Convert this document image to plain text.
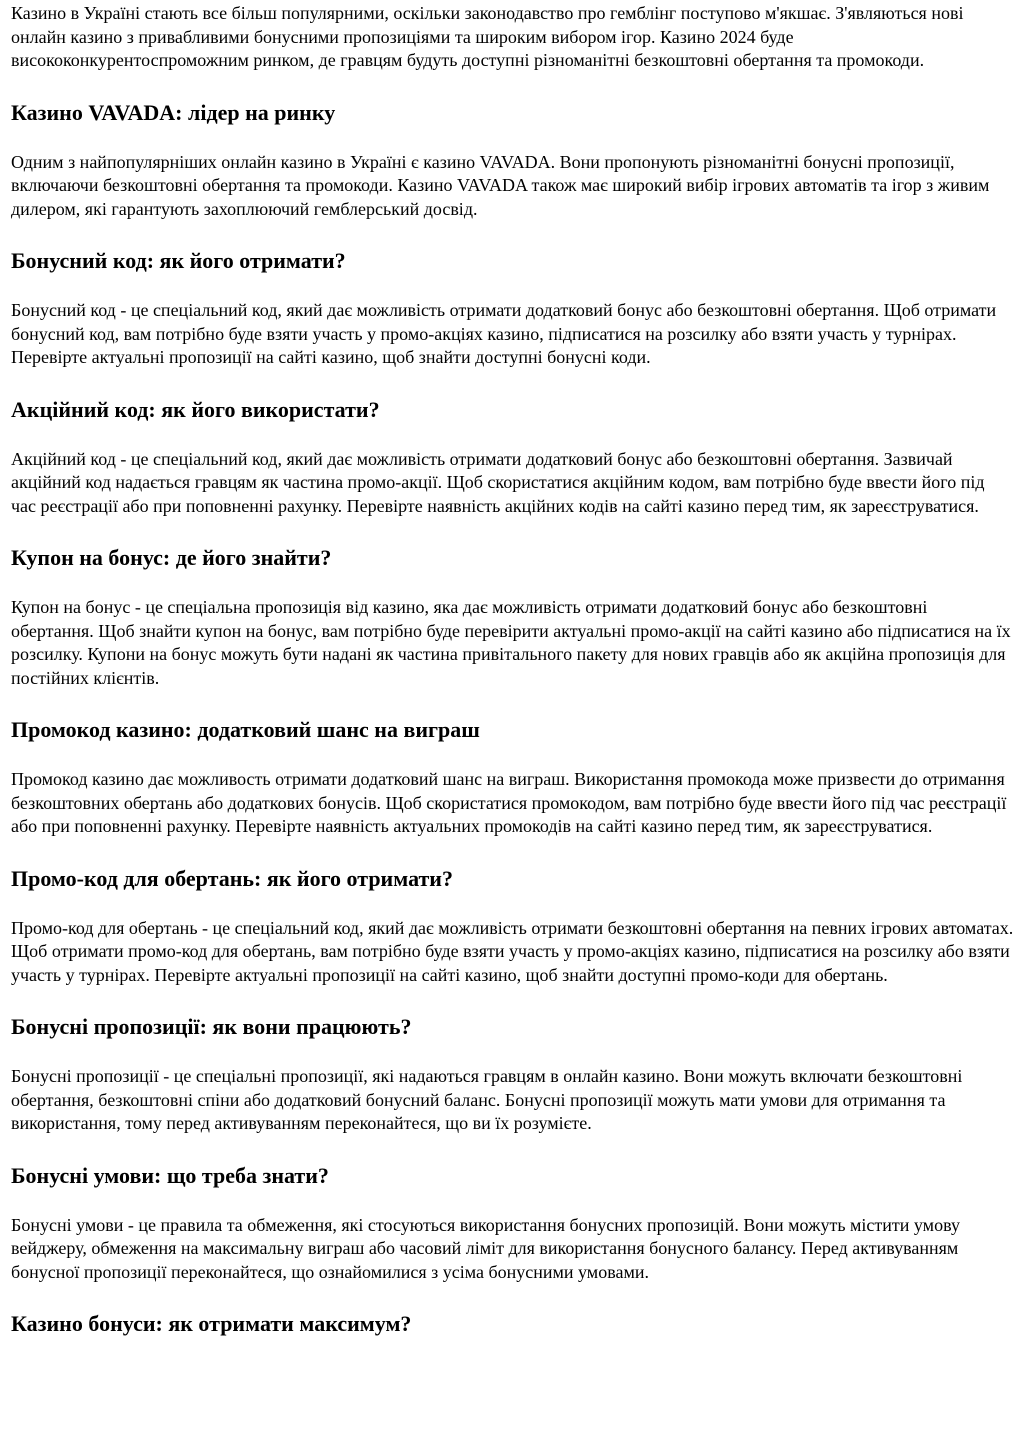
Казино в Україні стають все більш популярними, оскільки законодавство про гемблінг поступово м'якшає. З'являються нові онлайн казино з привабливими бонусними пропозиціями та широким вибором ігор. Казино 2024 буде висококонкурентоспроможним ринком, де гравцям будуть доступні різноманітні безкоштовні обертання та промокоди.

Казино VAVADA: лідер на ринку

Одним з найпопулярніших онлайн казино в Україні є казино VAVADA. Вони пропонують різноманітні бонусні пропозиції, включаючи безкоштовні обертання та промокоди. Казино VAVADA також має широкий вибір ігрових автоматів та ігор з живим дилером, які гарантують захоплюючий гемблерський досвід.

Бонусний код: як його отримати?

Бонусний код - це спеціальний код, який дає можливість отримати додатковий бонус або безкоштовні обертання. Щоб отримати бонусний код, вам потрібно буде взяти участь у промо-акціях казино, підписатися на розсилку або взяти участь у турнірах. Перевірте актуальні пропозиції на сайті казино, щоб знайти доступні бонусні коди.

Акційний код: як його використати?

Акційний код - це спеціальний код, який дає можливість отримати додатковий бонус або безкоштовні обертання. Зазвичай акційний код надається гравцям як частина промо-акції. Щоб скористатися акційним кодом, вам потрібно буде ввести його під час реєстрації або при поповненні рахунку. Перевірте наявність акційних кодів на сайті казино перед тим, як зареєструватися.

Купон на бонус: де його знайти?

Купон на бонус - це спеціальна пропозиція від казино, яка дає можливість отримати додатковий бонус або безкоштовні обертання. Щоб знайти купон на бонус, вам потрібно буде перевірити актуальні промо-акції на сайті казино або підписатися на їх розсилку. Купони на бонус можуть бути надані як частина привітального пакету для нових гравців або як акційна пропозиція для постійних клієнтів.

Промокод казино: додатковий шанс на виграш

Промокод казино дає можливость отримати додатковий шанс на виграш. Використання промокода може призвести до отримання безкоштовних обертань або додаткових бонусів. Щоб скористатися промокодом, вам потрібно буде ввести його під час реєстрації або при поповненні рахунку. Перевірте наявність актуальних промокодів на сайті казино перед тим, як зареєструватися.

Промо-код для обертань: як його отримати?

Промо-код для обертань - це спеціальний код, який дає можливість отримати безкоштовні обертання на певних ігрових автоматах. Щоб отримати промо-код для обертань, вам потрібно буде взяти участь у промо-акціях казино, підписатися на розсилку або взяти участь у турнірах. Перевірте актуальні пропозиції на сайті казино, щоб знайти доступні промо-коди для обертань.

Бонусні пропозиції: як вони працюють?

Бонусні пропозиції - це спеціальні пропозиції, які надаються гравцям в онлайн казино. Вони можуть включати безкоштовні обертання, безкоштовні спіни або додатковий бонусний баланс. Бонусні пропозиції можуть мати умови для отримання та використання, тому перед активуванням переконайтеся, що ви їх розумієте.

Бонусні умови: що треба знати?

Бонусні умови - це правила та обмеження, які стосуються використання бонусних пропозицій. Вони можуть містити умову вейджеру, обмеження на максимальну виграш або часовий ліміт для використання бонусного балансу. Перед активуванням бонусної пропозиції переконайтеся, що ознайомилися з усіма бонусними умовами.

Казино бонуси: як отримати максимум?
